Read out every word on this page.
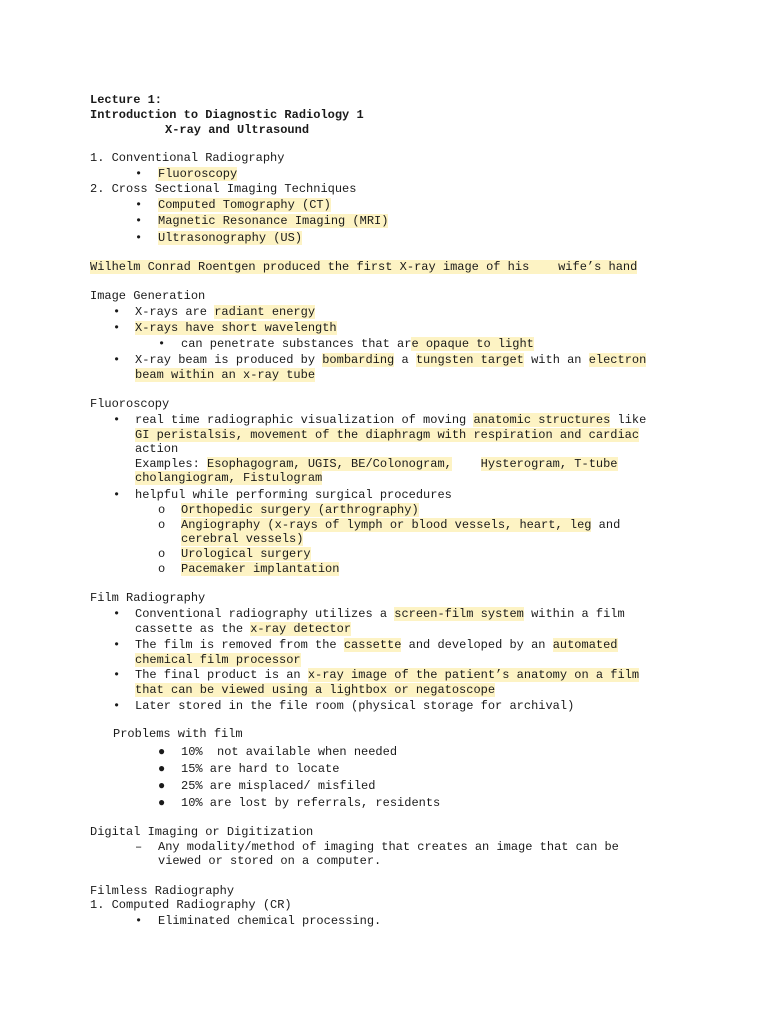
Lecture 1:
Introduction to Diagnostic Radiology 1
X-ray and Ultrasound
1. Conventional Radiography
• Fluoroscopy
2. Cross Sectional Imaging Techniques
• Computed Tomography (CT)
• Magnetic Resonance Imaging (MRI)
• Ultrasonography (US)
Wilhelm Conrad Roentgen produced the first X-ray image of his    wife’s hand
Image Generation
• X-rays are radiant energy
• X-rays have short wavelength
• can penetrate substances that are opaque to light
• X-ray beam is produced by bombarding a tungsten target with an electron
beam within an x-ray tube
Fluoroscopy
• real time radiographic visualization of moving anatomic structures like
GI peristalsis, movement of the diaphragm with respiration and cardiac
action
Examples: Esophagogram, UGIS, BE/Colonogram, Hysterogram, T-tube
cholangiogram, Fistulogram
• helpful while performing surgical procedures
o Orthopedic surgery (arthrography)
o Angiography (x-rays of lymph or blood vessels, heart, leg and
cerebral vessels)
o Urological surgery
o Pacemaker implantation
Film Radiography
• Conventional radiography utilizes a screen-film system within a film
cassette as the x-ray detector
• The film is removed from the cassette and developed by an automated
chemical film processor
• The final product is an x-ray image of the patient’s anatomy on a film
that can be viewed using a lightbox or negatoscope
• Later stored in the file room (physical storage for archival)
Problems with film
● 10%  not available when needed
● 15% are hard to locate
● 25% are misplaced/ misfiled
● 10% are lost by referrals, residents
Digital Imaging or Digitization
– Any modality/method of imaging that creates an image that can be
viewed or stored on a computer.
Filmless Radiography
1. Computed Radiography (CR)
• Eliminated chemical processing.
